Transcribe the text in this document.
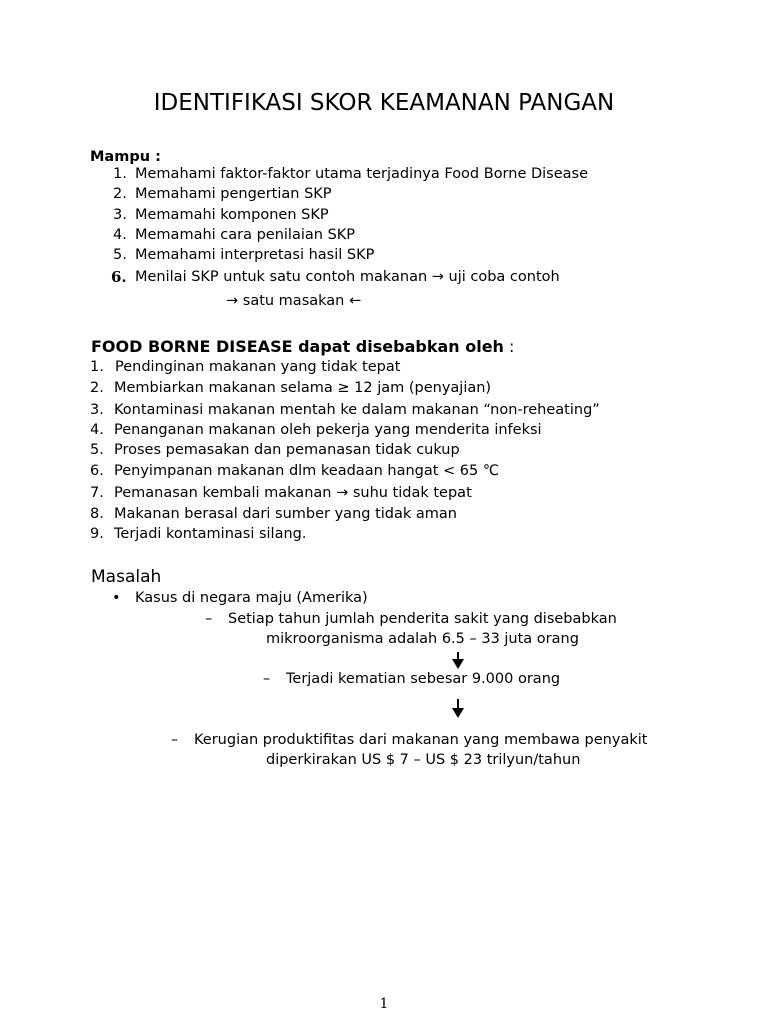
IDENTIFIKASI SKOR KEAMANAN PANGAN
Mampu :
1. Memahami faktor-faktor utama terjadinya Food Borne Disease
2. Memahami pengertian SKP
3. Memamahi komponen SKP
4. Memamahi cara penilaian SKP
5. Memahami interpretasi hasil SKP
6. Menilai SKP untuk satu contoh makanan → uji coba contoh
→ satu masakan ←
FOOD BORNE DISEASE dapat disebabkan oleh :
1. Pendinginan makanan yang tidak tepat
2. Membiarkan makanan selama ≥ 12 jam (penyajian)
3. Kontaminasi makanan mentah ke dalam makanan “non-reheating”
4. Penanganan makanan oleh pekerja yang menderita infeksi
5. Proses pemasakan dan pemanasan tidak cukup
6. Penyimpanan makanan dlm keadaan hangat < 65 ℃
7. Pemanasan kembali makanan → suhu tidak tepat
8. Makanan berasal dari sumber yang tidak aman
9. Terjadi kontaminasi silang.
Masalah
• Kasus di negara maju (Amerika)
– Setiap tahun jumlah penderita sakit yang disebabkan
mikroorganisma adalah 6.5 – 33 juta orang
– Terjadi kematian sebesar 9.000 orang
– Kerugian produktifitas dari makanan yang membawa penyakit
diperkirakan US $ 7 – US $ 23 trilyun/tahun
1
